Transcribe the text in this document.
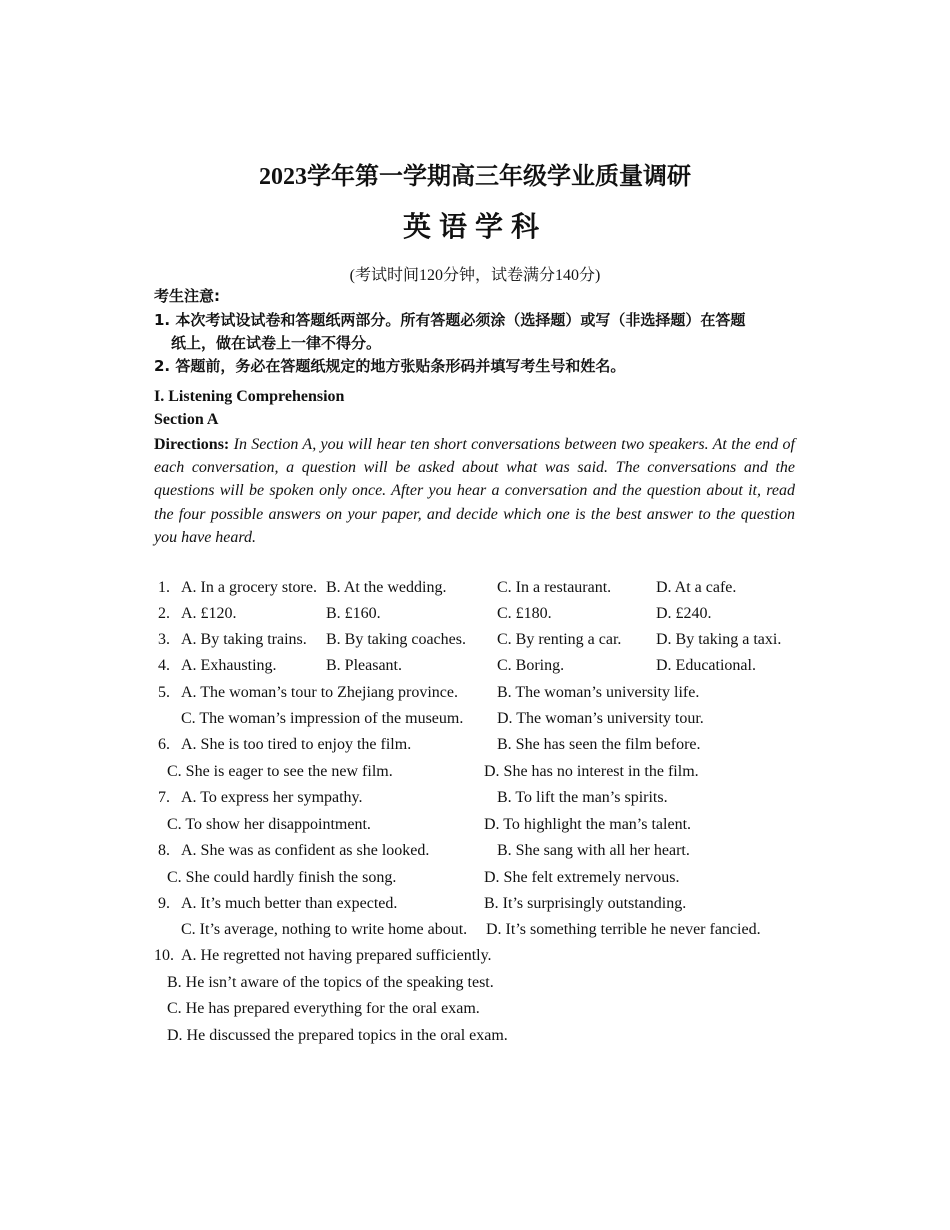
2023学年第一学期高三年级学业质量调研
英语学科
(考试时间120分钟，试卷满分140分)
考生注意:
1. 本次考试设试卷和答题纸两部分。所有答题必须涂（选择题）或写（非选择题）在答题
纸上，做在试卷上一律不得分。
2. 答题前，务必在答题纸规定的地方张贴条形码并填写考生号和姓名。
I. Listening Comprehension
Section A
Directions: In Section A, you will hear ten short conversations between two speakers. At the end of each conversation, a question will be asked about what was said. The conversations and the questions will be spoken only once. After you hear a conversation and the question about it, read the four possible answers on your paper, and decide which one is the best answer to the question you have heard.
1. A. In a grocery store. B. At the wedding.	C. In a restaurant.	D. At a cafe.
2. A. £120.	B. £160.	C. £180.	D. £240.
3. A. By taking trains. B. By taking coaches. C. By renting a car. D. By taking a taxi.
4. A. Exhausting.	B. Pleasant.	C. Boring.	D. Educational.
5. A. The woman’s tour to Zhejiang province. B. The woman’s university life.
C. The woman’s impression of the museum. D. The woman’s university tour.
6. A. She is too tired to enjoy the film.	B. She has seen the film before.
C. She is eager to see the new film.	D. She has no interest in the film.
7. A. To express her sympathy.	B. To lift the man’s spirits.
C. To show her disappointment.	D. To highlight the man’s talent.
8. A. She was as confident as she looked.	B. She sang with all her heart.
C. She could hardly finish the song.	D. She felt extremely nervous.
9. A. It’s much better than expected.	B. It’s surprisingly outstanding.
C. It’s average, nothing to write home about. D. It’s something terrible he never fancied.
10. A. He regretted not having prepared sufficiently.
B. He isn’t aware of the topics of the speaking test.
C. He has prepared everything for the oral exam.
D. He discussed the prepared topics in the oral exam.
